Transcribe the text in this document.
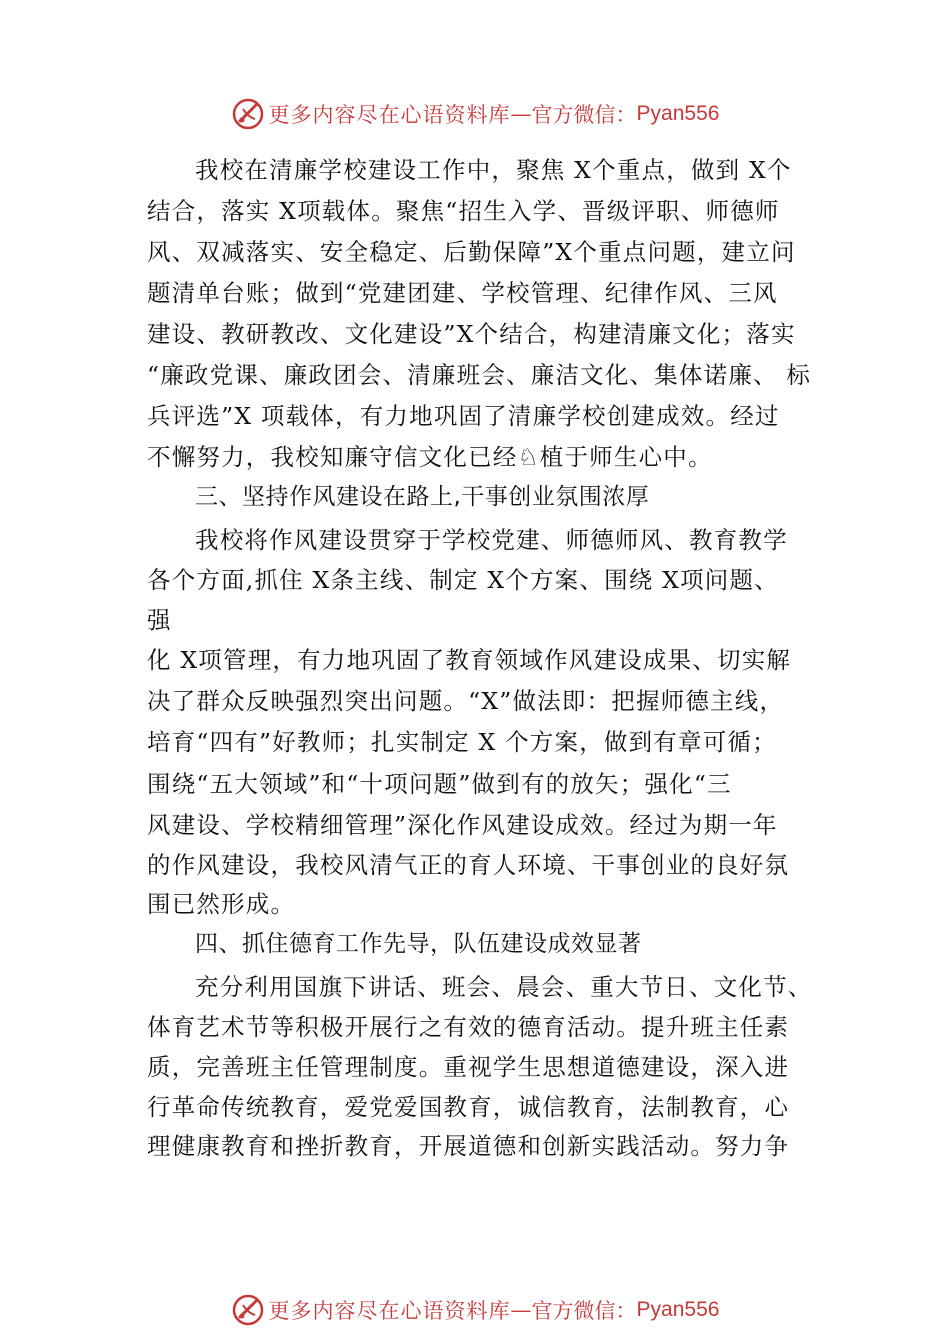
更多内容尽在心语资料库 — 官方微信： Pyan556
我校在清廉学校建设工作中，聚焦 X个重点，做到 X个
结合，落实 X项载体。聚焦“招生入学、晋级评职、师德师
风、双减落实、安全稳定、后勤保障”X个重点问题，建立问
题清单台账；做到“党建团建、学校管理、纪律作风、三风
建设、教研教改、文化建设”X个结合，构建清廉文化；落实
“廉政党课、廉政团会、清廉班会、廉洁文化、集体诺廉、 标
兵评选”X 项载体，有力地巩固了清廉学校创建成效。经过
不懈努力，我校知廉守信文化已经♘植于师生心中。
三、坚持作风建设在路上,干事创业氛围浓厚
我校将作风建设贯穿于学校党建、师德师风、教育教学
各个方面,抓住 X条主线、制定 X个方案、围绕 X项问题、
强
化 X项管理，有力地巩固了教育领域作风建设成果、切实解
决了群众反映强烈突出问题。“X”做法即：把握师德主线，
培育“四有”好教师；扎实制定 X 个方案，做到有章可循；
围绕“五大领域”和“十项问题”做到有的放矢；强化“三
风建设、学校精细管理”深化作风建设成效。经过为期一年
的作风建设，我校风清气正的育人环境、干事创业的良好氛
围已然形成。
四、抓住德育工作先导，队伍建设成效显著
充分利用国旗下讲话、班会、晨会、重大节日、文化节、
体育艺术节等积极开展行之有效的德育活动。提升班主任素
质，完善班主任管理制度。重视学生思想道德建设，深入进
行革命传统教育，爱党爱国教育，诚信教育，法制教育，心
理健康教育和挫折教育，开展道德和创新实践活动。努力争
更多内容尽在心语资料库 — 官方微信： Pyan556
